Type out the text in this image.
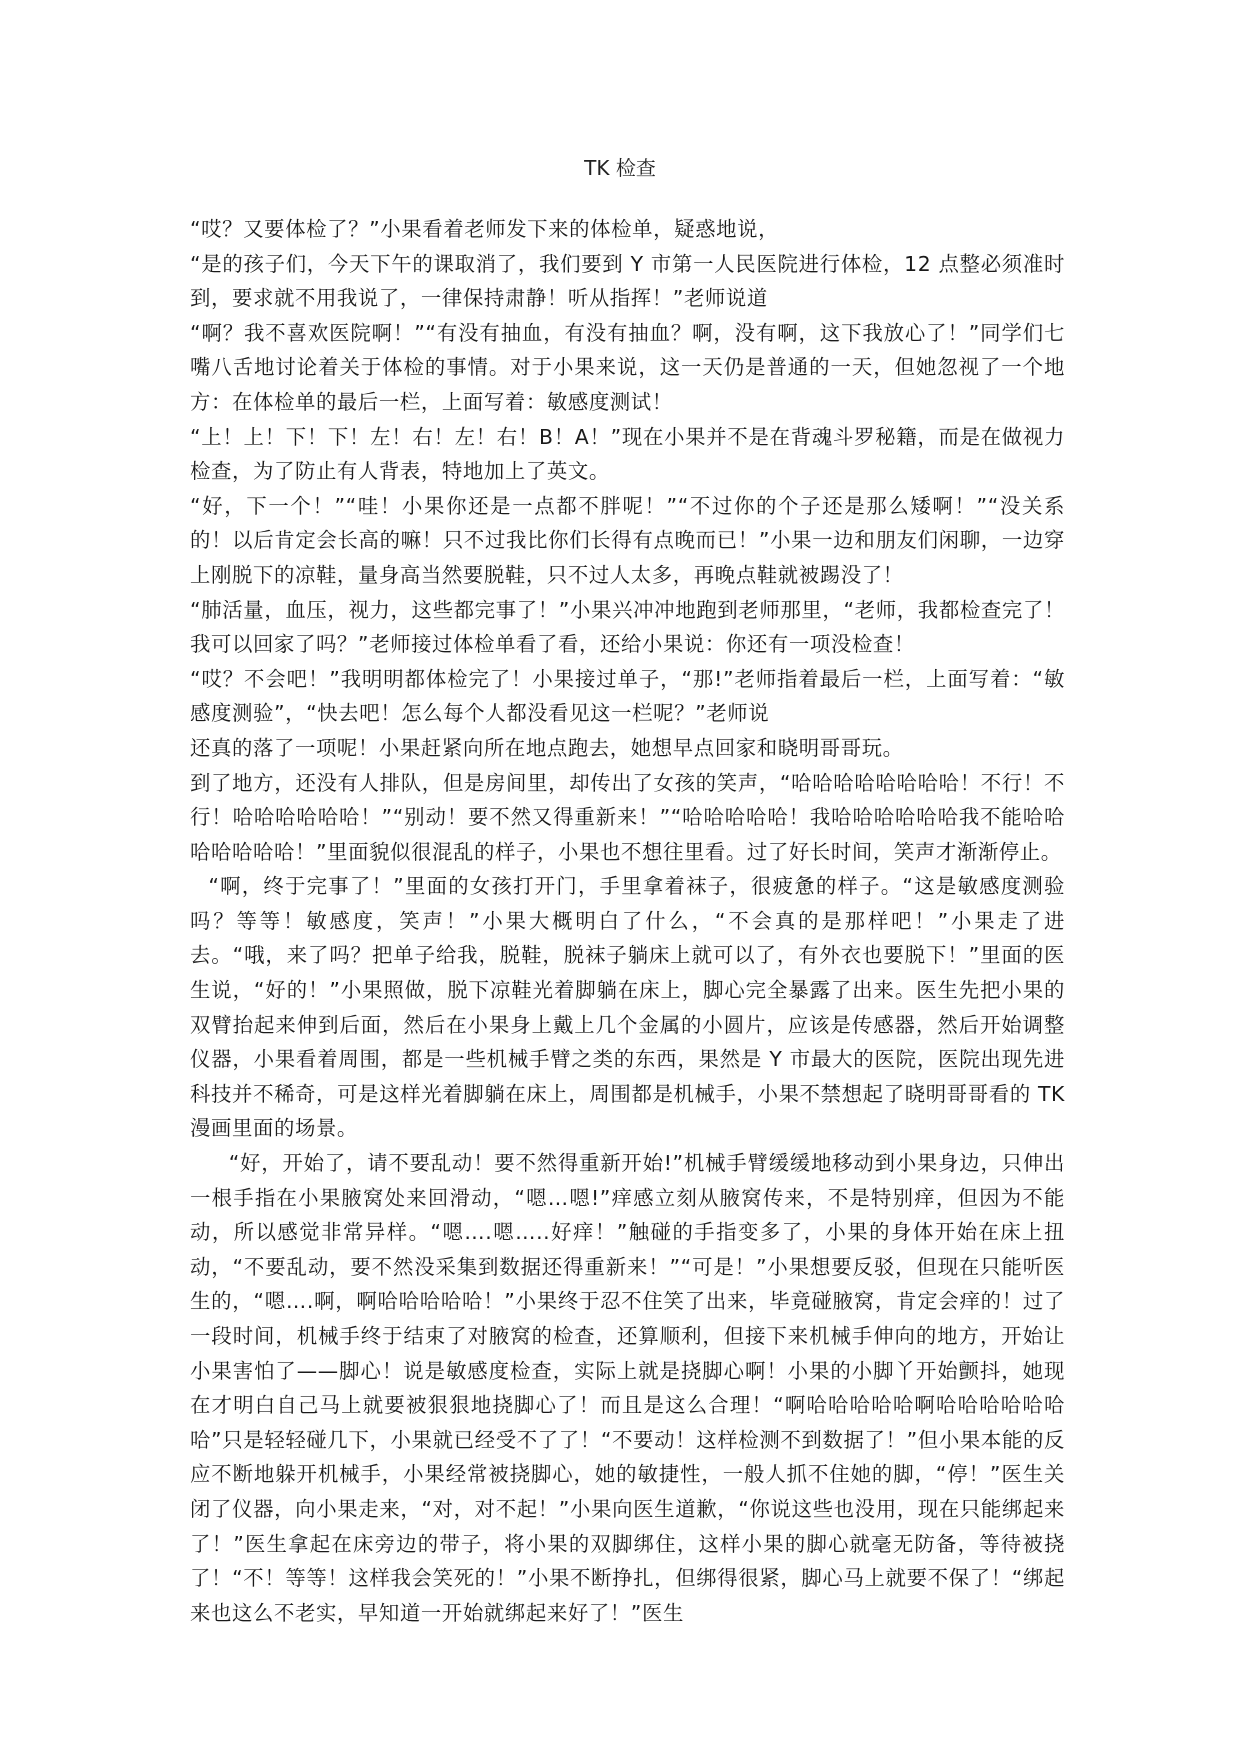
TK 检查

“哎？又要体检了？”小果看着老师发下来的体检单，疑惑地说，

“是的孩子们，今天下午的课取消了，我们要到 Y 市第一人民医院进行体检，12 点整必须准时到，要求就不用我说了，一律保持肃静！听从指挥！”老师说道

“啊？我不喜欢医院啊！”“有没有抽血，有没有抽血？啊，没有啊，这下我放心了！”同学们七嘴八舌地讨论着关于体检的事情。对于小果来说，这一天仍是普通的一天，但她忽视了一个地方：在体检单的最后一栏，上面写着：敏感度测试！

“上！上！下！下！左！右！左！右！B！A！”现在小果并不是在背魂斗罗秘籍，而是在做视力检查，为了防止有人背表，特地加上了英文。

“好，下一个！”“哇！小果你还是一点都不胖呢！”“不过你的个子还是那么矮啊！”“没关系的！以后肯定会长高的嘛！只不过我比你们长得有点晚而已！”小果一边和朋友们闲聊，一边穿上刚脱下的凉鞋，量身高当然要脱鞋，只不过人太多，再晚点鞋就被踢没了！

“肺活量，血压，视力，这些都完事了！”小果兴冲冲地跑到老师那里，“老师，我都检查完了！我可以回家了吗？”老师接过体检单看了看，还给小果说：你还有一项没检查！

“哎？不会吧！”我明明都体检完了！小果接过单子，“那!”老师指着最后一栏，上面写着：“敏感度测验”，“快去吧！怎么每个人都没看见这一栏呢？”老师说

还真的落了一项呢！小果赶紧向所在地点跑去，她想早点回家和晓明哥哥玩。

到了地方，还没有人排队，但是房间里，却传出了女孩的笑声，“哈哈哈哈哈哈哈哈！不行！不行！哈哈哈哈哈哈！”“别动！要不然又得重新来！”“哈哈哈哈哈！我哈哈哈哈哈哈我不能哈哈哈哈哈哈哈！”里面貌似很混乱的样子，小果也不想往里看。过了好长时间，笑声才渐渐停止。

“啊，终于完事了！”里面的女孩打开门，手里拿着袜子，很疲惫的样子。“这是敏感度测验吗？等等！敏感度，笑声！”小果大概明白了什么，“不会真的是那样吧！”小果走了进去。“哦，来了吗？把单子给我，脱鞋，脱袜子躺床上就可以了，有外衣也要脱下！”里面的医生说，“好的！”小果照做，脱下凉鞋光着脚躺在床上，脚心完全暴露了出来。医生先把小果的双臂抬起来伸到后面，然后在小果身上戴上几个金属的小圆片，应该是传感器，然后开始调整仪器，小果看着周围，都是一些机械手臂之类的东西，果然是 Y 市最大的医院，医院出现先进科技并不稀奇，可是这样光着脚躺在床上，周围都是机械手，小果不禁想起了晓明哥哥看的 TK 漫画里面的场景。

“好，开始了，请不要乱动！要不然得重新开始!”机械手臂缓缓地移动到小果身边，只伸出一根手指在小果腋窝处来回滑动，“嗯…嗯!”痒感立刻从腋窝传来，不是特别痒，但因为不能动，所以感觉非常异样。“嗯….嗯…..好痒！”触碰的手指变多了，小果的身体开始在床上扭动，“不要乱动，要不然没采集到数据还得重新来！”“可是！”小果想要反驳，但现在只能听医生的，“嗯….啊，啊哈哈哈哈哈！”小果终于忍不住笑了出来，毕竟碰腋窝，肯定会痒的！过了一段时间，机械手终于结束了对腋窝的检查，还算顺利，但接下来机械手伸向的地方，开始让小果害怕了——脚心！说是敏感度检查，实际上就是挠脚心啊！小果的小脚丫开始颤抖，她现在才明白自己马上就要被狠狠地挠脚心了！而且是这么合理！“啊哈哈哈哈哈啊哈哈哈哈哈哈哈”只是轻轻碰几下，小果就已经受不了了！“不要动！这样检测不到数据了！”但小果本能的反应不断地躲开机械手，小果经常被挠脚心，她的敏捷性，一般人抓不住她的脚，“停！”医生关闭了仪器，向小果走来，“对，对不起！”小果向医生道歉，“你说这些也没用，现在只能绑起来了！”医生拿起在床旁边的带子，将小果的双脚绑住，这样小果的脚心就毫无防备，等待被挠了！“不！等等！这样我会笑死的！”小果不断挣扎，但绑得很紧，脚心马上就要不保了！“绑起来也这么不老实，早知道一开始就绑起来好了！”医生
